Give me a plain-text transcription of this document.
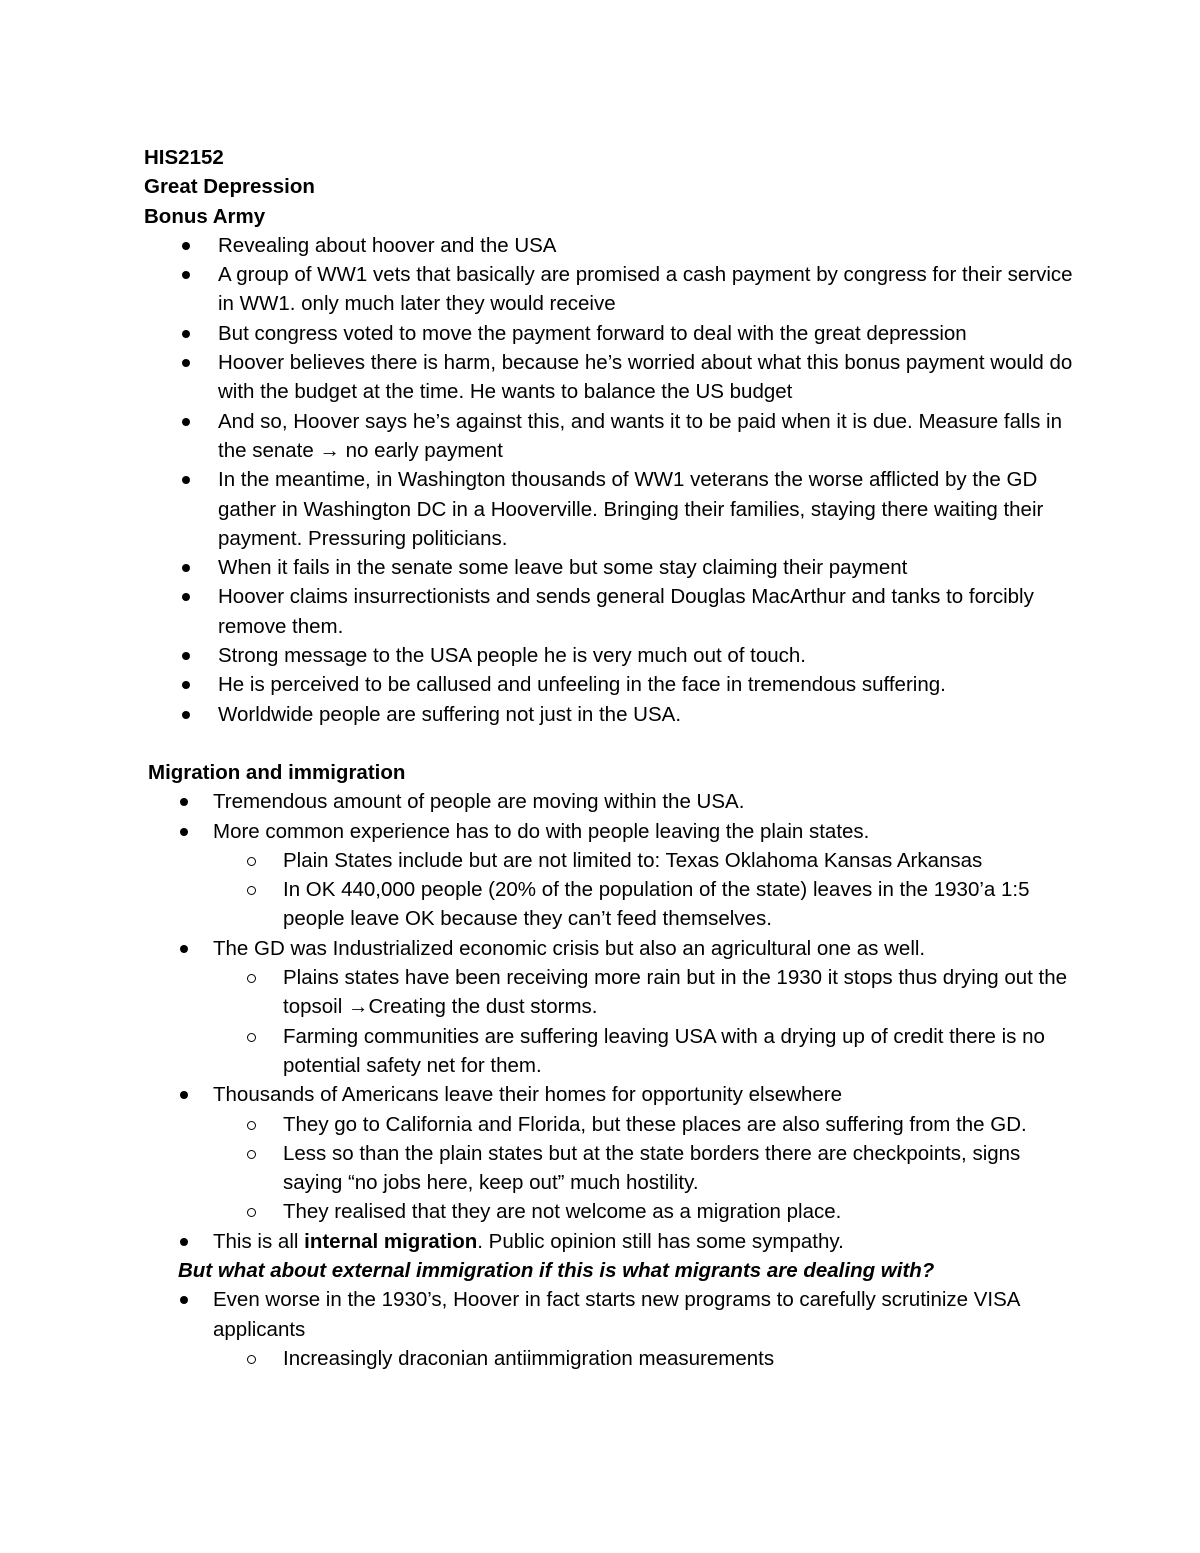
HIS2152

Great Depression

Bonus Army

Revealing about hoover and the USA
A group of WW1 vets that basically are promised a cash payment by congress for their service in WW1. only much later they would receive
But congress voted to move the payment forward to deal with the great depression
Hoover believes there is harm, because he’s worried about what this bonus payment would do with the budget at the time. He wants to balance the US budget
And so, Hoover says he’s against this, and wants it to be paid when it is due. Measure falls in the senate → no early payment
In the meantime, in Washington thousands of WW1 veterans the worse afflicted by the GD gather in Washington DC in a Hooverville. Bringing their families, staying there waiting their payment. Pressuring politicians.
When it fails in the senate some leave but some stay claiming their payment
Hoover claims insurrectionists and sends general Douglas MacArthur and tanks to forcibly remove them.
Strong message to the USA people he is very much out of touch.
He is perceived to be callused and unfeeling in the face in tremendous suffering.
Worldwide people are suffering not just in the USA.

Migration and immigration

Tremendous amount of people are moving within the USA.
More common experience has to do with people leaving the plain states.
Plain States include but are not limited to: Texas Oklahoma Kansas Arkansas
In OK 440,000 people (20% of the population of the state) leaves in the 1930’a 1:5 people leave OK because they can’t feed themselves.
The GD was Industrialized economic crisis but also an agricultural one as well.
Plains states have been receiving more rain but in the 1930 it stops thus drying out the topsoil →Creating the dust storms.
Farming communities are suffering leaving USA with a drying up of credit there is no potential safety net for them.
Thousands of Americans leave their homes for opportunity elsewhere
They go to California and Florida, but these places are also suffering from the GD.
Less so than the plain states but at the state borders there are checkpoints, signs saying “no jobs here, keep out” much hostility.
They realised that they are not welcome as a migration place.
This is all internal migration. Public opinion still has some sympathy.

But what about external immigration if this is what migrants are dealing with?

Even worse in the 1930’s, Hoover in fact starts new programs to carefully scrutinize VISA applicants
Increasingly draconian antiimmigration measurements
